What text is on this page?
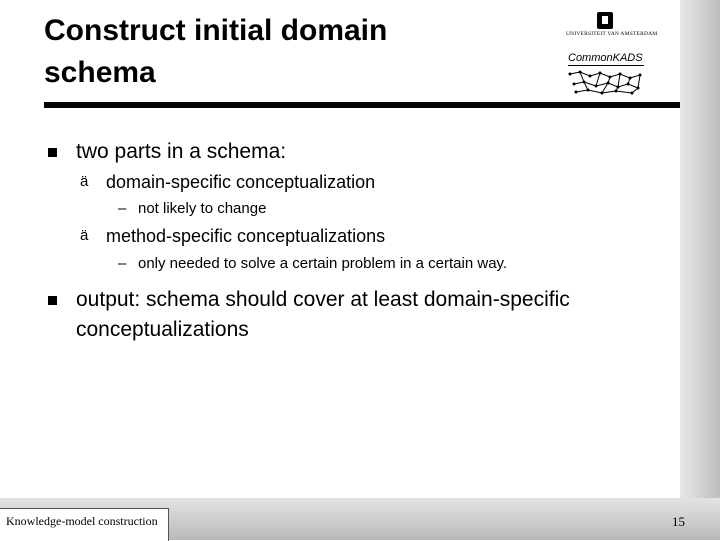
Construct initial domain schema
UNIVERSITEIT VAN AMSTERDAM
CommonKADS

two parts in a schema:

ä domain-specific conceptualization

– not likely to change

ä method-specific conceptualizations

– only needed to solve a certain problem in a certain way.

output: schema should cover at least domain-specific

conceptualizations

Knowledge-model construction	15
